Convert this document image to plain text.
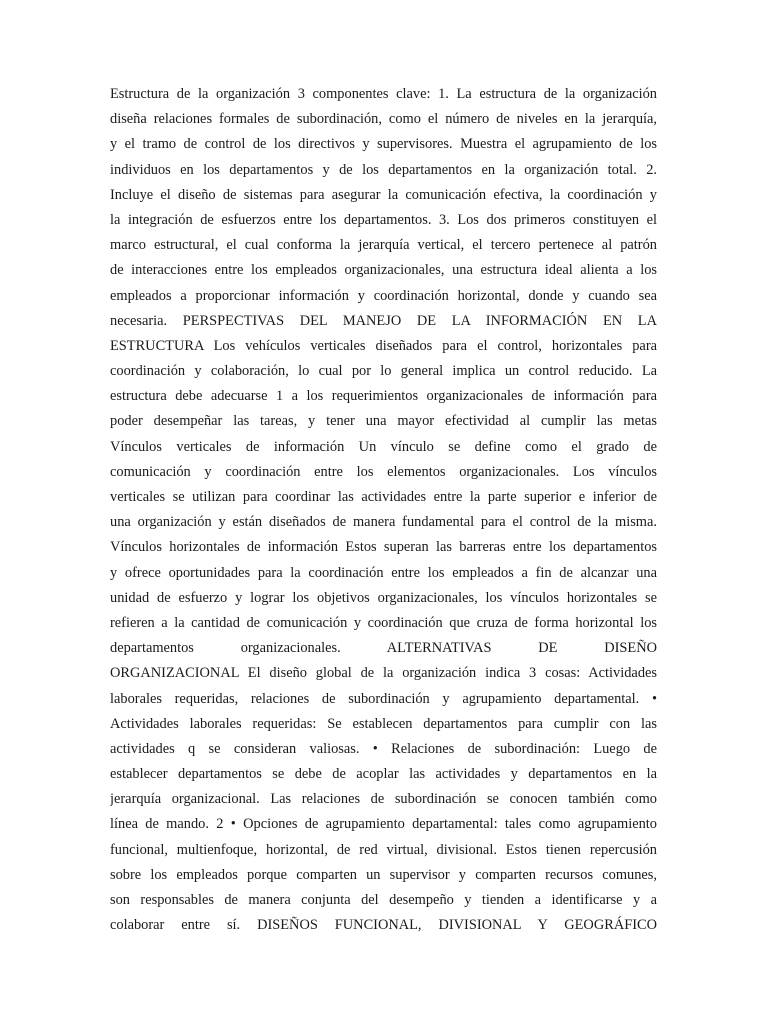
Estructura de la organización 3 componentes clave: 1. La estructura de la organización
diseña relaciones formales de subordinación, como el número de niveles en la jerarquía,
y el tramo de control de los directivos y supervisores. Muestra el agrupamiento de los
individuos en los departamentos y de los departamentos en la organización total. 2.
Incluye el diseño de sistemas para asegurar la comunicación efectiva, la coordinación y
la integración de esfuerzos entre los departamentos. 3. Los dos primeros constituyen el
marco estructural, el cual conforma la jerarquía vertical, el tercero pertenece al patrón
de interacciones entre los empleados organizacionales, una estructura ideal alienta a los
empleados a proporcionar información y coordinación horizontal, donde y cuando sea
necesaria. PERSPECTIVAS DEL MANEJO DE LA INFORMACIÓN EN LA
ESTRUCTURA Los vehículos verticales diseñados para el control, horizontales para
coordinación y colaboración, lo cual por lo general implica un control reducido. La
estructura debe adecuarse 1 a los requerimientos organizacionales de información para
poder desempeñar las tareas, y tener una mayor efectividad al cumplir las metas
Vínculos verticales de información Un vínculo se define como el grado de
comunicación y coordinación entre los elementos organizacionales. Los vínculos
verticales se utilizan para coordinar las actividades entre la parte superior e inferior de
una organización y están diseñados de manera fundamental para el control de la misma.
Vínculos horizontales de información Estos superan las barreras entre los departamentos
y ofrece oportunidades para la coordinación entre los empleados a fin de alcanzar una
unidad de esfuerzo y lograr los objetivos organizacionales, los vínculos horizontales se
refieren a la cantidad de comunicación y coordinación que cruza de forma horizontal los
departamentos organizacionales. ALTERNATIVAS DE DISEÑO
ORGANIZACIONAL El diseño global de la organización indica 3 cosas: Actividades
laborales requeridas, relaciones de subordinación y agrupamiento departamental. •
Actividades laborales requeridas: Se establecen departamentos para cumplir con las
actividades q se consideran valiosas. • Relaciones de subordinación: Luego de
establecer departamentos se debe de acoplar las actividades y departamentos en la
jerarquía organizacional. Las relaciones de subordinación se conocen también como
línea de mando. 2 • Opciones de agrupamiento departamental: tales como agrupamiento
funcional, multienfoque, horizontal, de red virtual, divisional. Estos tienen repercusión
sobre los empleados porque comparten un supervisor y comparten recursos comunes,
son responsables de manera conjunta del desempeño y tienden a identificarse y a
colaborar entre sí. DISEÑOS FUNCIONAL, DIVISIONAL Y GEOGRÁFICO
